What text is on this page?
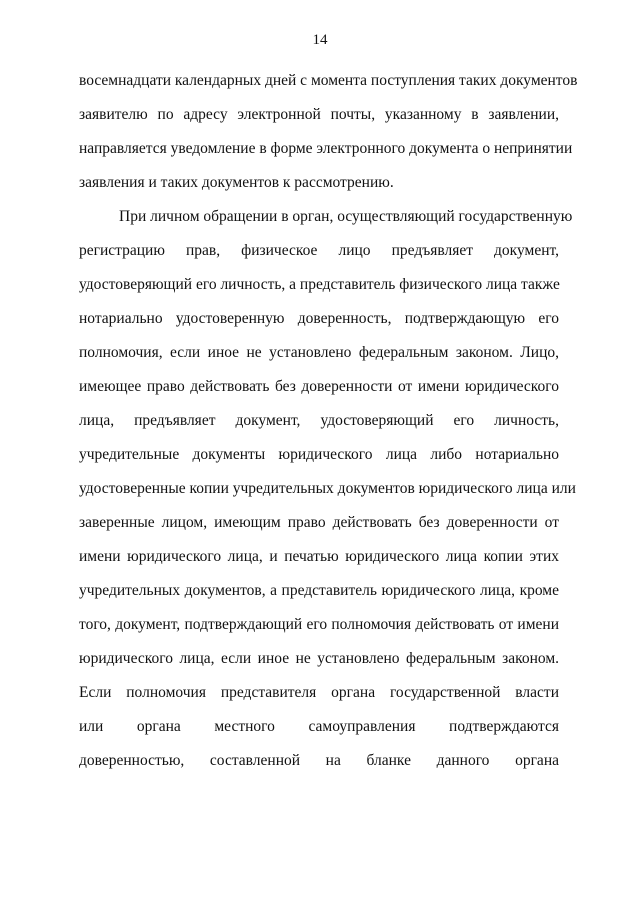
14
восемнадцати календарных дней с момента поступления таких документов
заявителю по адресу электронной почты, указанному в заявлении,
направляется уведомление в форме электронного документа о непринятии
заявления и таких документов к рассмотрению.
При личном обращении в орган, осуществляющий государственную
регистрацию прав, физическое лицо предъявляет документ,
удостоверяющий его личность, а представитель физического лица также
нотариально удостоверенную доверенность, подтверждающую его
полномочия, если иное не установлено федеральным законом. Лицо,
имеющее право действовать без доверенности от имени юридического
лица, предъявляет документ, удостоверяющий его личность,
учредительные документы юридического лица либо нотариально
удостоверенные копии учредительных документов юридического лица или
заверенные лицом, имеющим право действовать без доверенности от
имени юридического лица, и печатью юридического лица копии этих
учредительных документов, а представитель юридического лица, кроме
того, документ, подтверждающий его полномочия действовать от имени
юридического лица, если иное не установлено федеральным законом.
Если полномочия представителя органа государственной власти
или органа местного самоуправления подтверждаются
доверенностью, составленной на бланке данного органа
